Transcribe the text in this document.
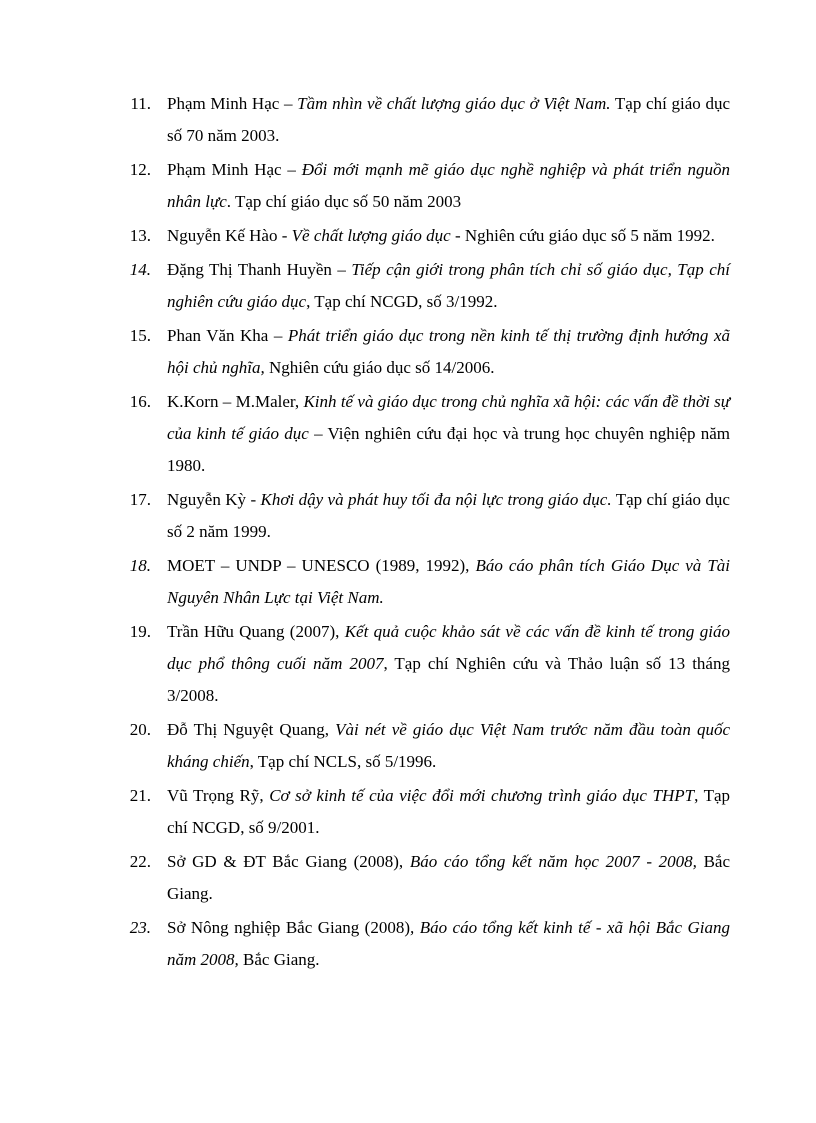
11. Phạm Minh Hạc – Tầm nhìn về chất lượng giáo dục ở Việt Nam. Tạp chí giáo dục số 70 năm 2003.
12. Phạm Minh Hạc – Đổi mới mạnh mẽ giáo dục nghề nghiệp và phát triển nguồn nhân lực. Tạp chí giáo dục số 50 năm 2003
13. Nguyễn Kế Hào - Về chất lượng giáo dục - Nghiên cứu giáo dục số 5 năm 1992.
14. Đặng Thị Thanh Huyền – Tiếp cận giới trong phân tích chỉ số giáo dục, Tạp chí nghiên cứu giáo dục, Tạp chí NCGD, số 3/1992.
15. Phan Văn Kha – Phát triển giáo dục trong nền kinh tế thị trường định hướng xã hội chủ nghĩa, Nghiên cứu giáo dục số 14/2006.
16. K.Korn – M.Maler, Kinh tế và giáo dục trong chủ nghĩa xã hội: các vấn đề thời sự của kinh tế giáo dục – Viện nghiên cứu đại học và trung học chuyên nghiệp năm 1980.
17. Nguyễn Kỳ - Khơi dậy và phát huy tối đa nội lực trong giáo dục. Tạp chí giáo dục số 2 năm 1999.
18. MOET – UNDP – UNESCO (1989, 1992), Báo cáo phân tích Giáo Dục và Tài Nguyên Nhân Lực tại Việt Nam.
19. Trần Hữu Quang (2007), Kết quả cuộc khảo sát về các vấn đề kinh tế trong giáo dục phổ thông cuối năm 2007, Tạp chí Nghiên cứu và Thảo luận số 13 tháng 3/2008.
20. Đỗ Thị Nguyệt Quang, Vài nét về giáo dục Việt Nam trước năm đầu toàn quốc kháng chiến, Tạp chí NCLS, số 5/1996.
21. Vũ Trọng Rỹ, Cơ sở kinh tế của việc đổi mới chương trình giáo dục THPT, Tạp chí NCGD, số 9/2001.
22. Sở GD & ĐT Bắc Giang (2008), Báo cáo tổng kết năm học 2007 - 2008, Bắc Giang.
23. Sở Nông nghiệp Bắc Giang (2008), Báo cáo tổng kết kinh tế - xã hội Bắc Giang năm 2008, Bắc Giang.
